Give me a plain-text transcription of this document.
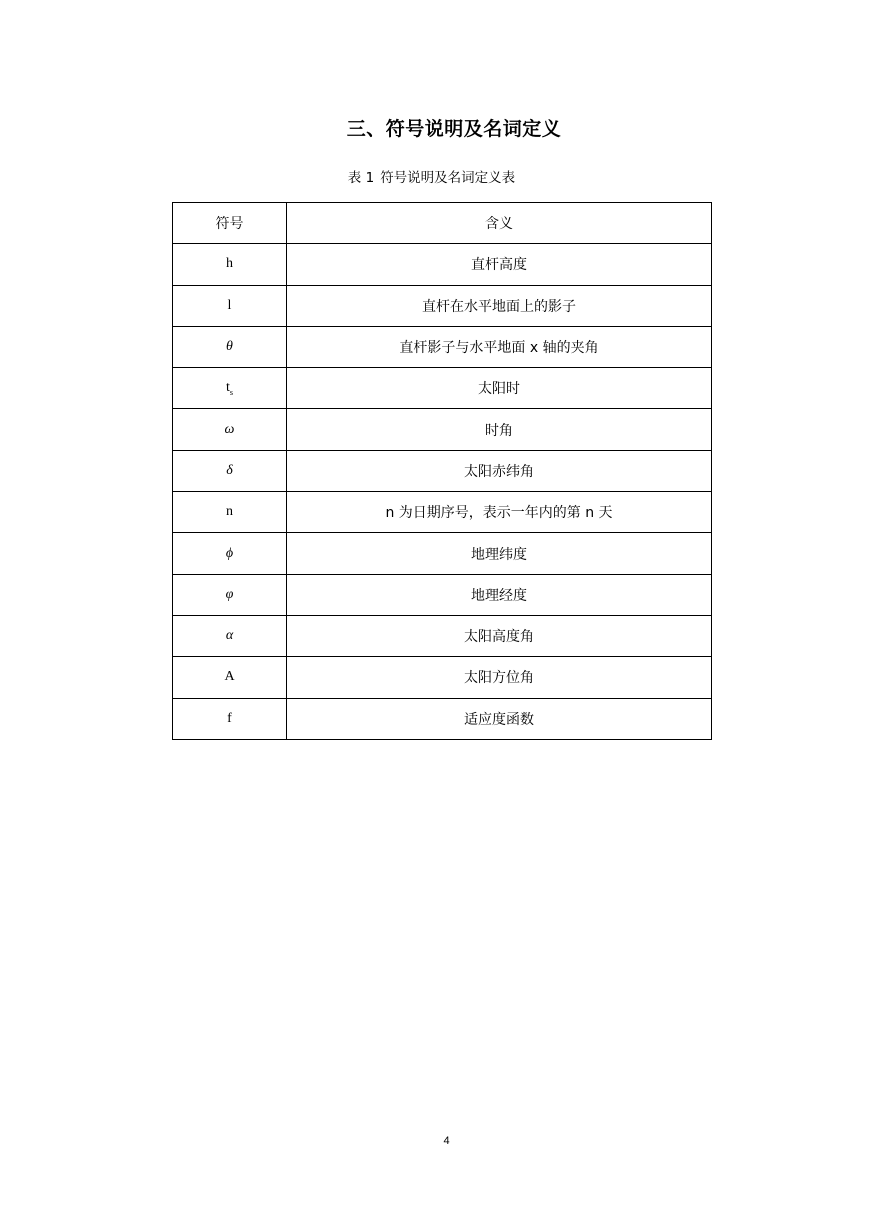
三、符号说明及名词定义
表 1 符号说明及名词定义表
符号	含义
h	直杆高度
l	直杆在水平地面上的影子
θ	直杆影子与水平地面 x 轴的夹角
$t_s$	太阳时
ω	时角
δ	太阳赤纬角
n	n 为日期序号，表示一年内的第 n 天
ϕ	地理纬度
φ	地理经度
α	太阳高度角
A	太阳方位角
f	适应度函数
4
